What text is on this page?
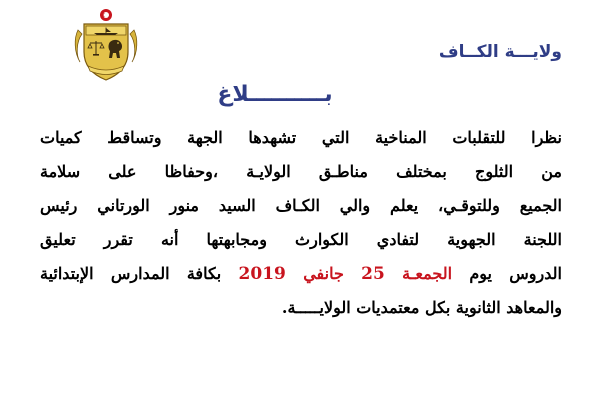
ولايـــة الكــاف
بــــــــــلاغ
نظرا للتقلبات المناخية التي تشهدها الجهة وتساقط كميات
من الثلوج بمختلف مناطـق الولايـة ،وحفاظا على سلامة
الجميع وللتوقـي، يعلم والي الكـاف السيد منور الورتاني رئيس
اللجنة الجهوية لتفادي الكوارث ومجابهتها أنه تقرر تعليق
الدروس يوم الجمعـة 25 جانفي 2019 بكافة المدارس الإبتدائية
والمعاهد الثانوية بكل معتمديات الولايـــــة.
